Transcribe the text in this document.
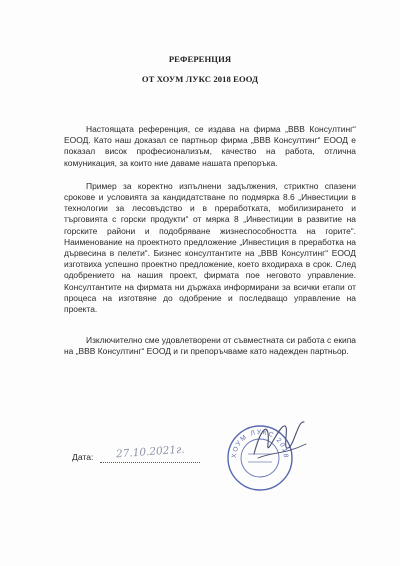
РЕФЕРЕНЦИЯ
ОТ ХОУМ ЛУКС 2018 ЕООД

Настоящата референция, се издава на фирма „ВВВ Консултинг“ ЕООД. Като наш доказал се партньор фирма „ВВВ Консултинг“ ЕООД е показал висок професионализъм, качество на работа, отлична комуникация, за които ние даваме нашата препоръка.

Пример за коректно изпълнени задължения, стриктно спазени срокове и условията за кандидатстване по подмярка 8.6 „Инвестиции в технологии за лесовъдство и в преработката, мобилизирането и търговията с горски продукти“ от мярка 8 „Инвестиции в развитие на горските райони и подобряване жизнеспособността на горите“. Наименование на проектното предложение „Инвестиция в преработка на дървесина в пелети“. Бизнес консултантите на „ВВВ Консултинг“ ЕООД изготвиха успешно проектно предложение, което входираха в срок. След одобрението на нашия проект, фирмата пое неговото управление. Консултантите на фирмата ни държаха информирани за всички етапи от процеса на изготвяне до одобрение и последващо управление на проекта.

Изключително сме удовлетворени от съвместната си работа с екипа на „ВВВ Консултинг“ ЕООД и ги препоръчваме като надежден партньор.

Дата: 27.10.2021г.	ХОУМ ЛУКС 2018
